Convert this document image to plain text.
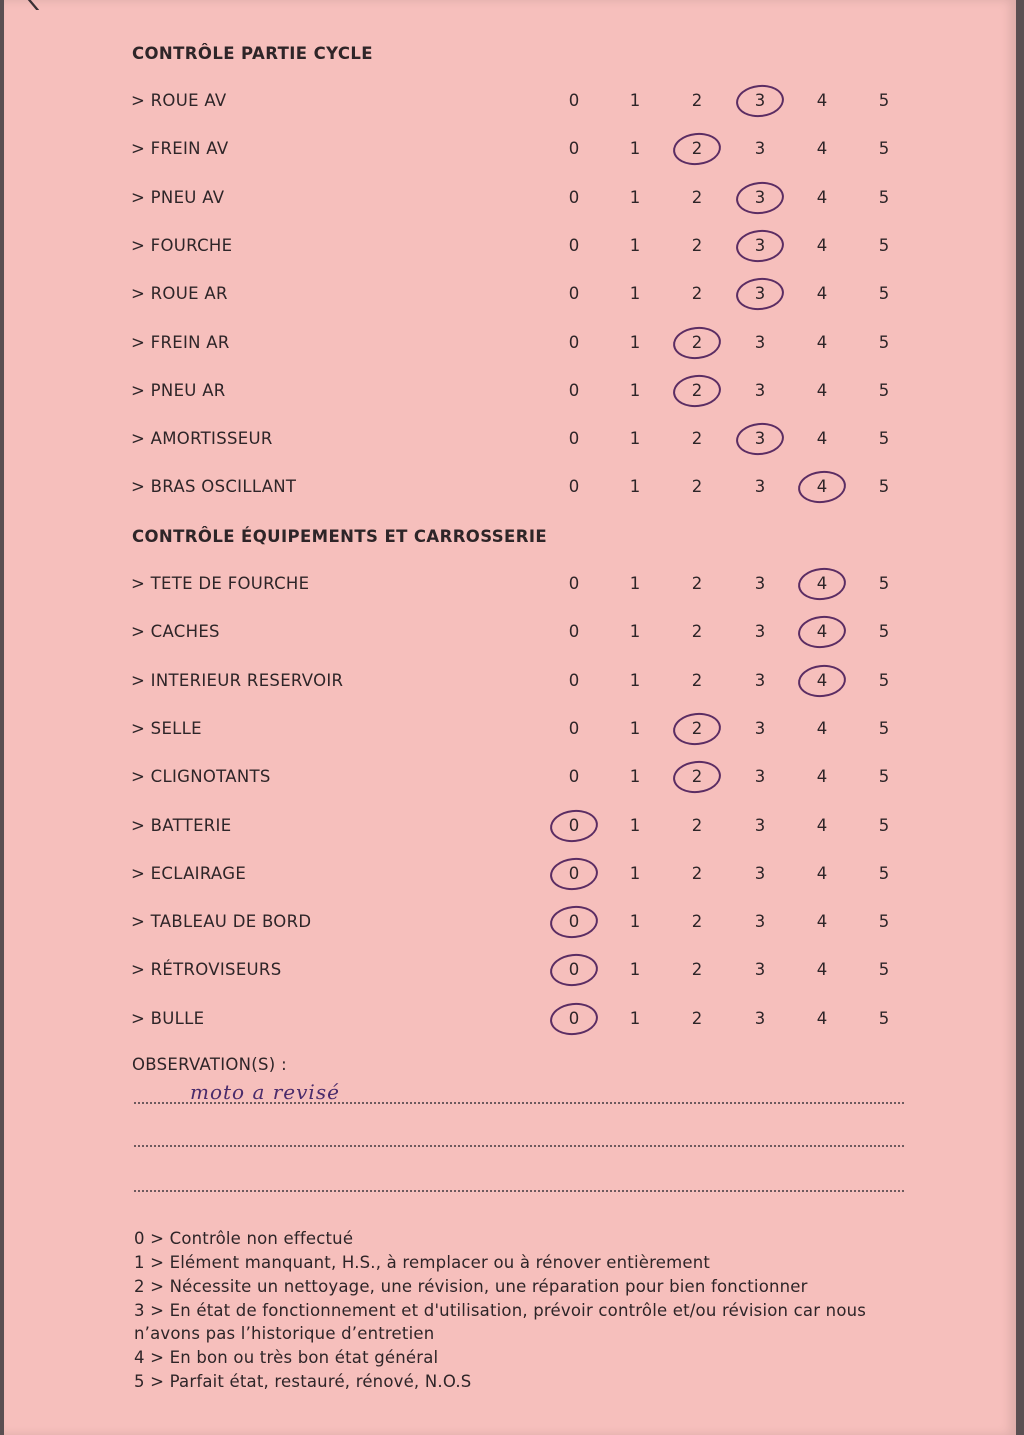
CONTRÔLE PARTIE CYCLE
> ROUE AV	0	1	2	3	4	5
> FREIN AV	0	1	2	3	4	5
> PNEU AV	0	1	2	3	4	5
> FOURCHE	0	1	2	3	4	5
> ROUE AR	0	1	2	3	4	5
> FREIN AR	0	1	2	3	4	5
> PNEU AR	0	1	2	3	4	5
> AMORTISSEUR	0	1	2	3	4	5
> BRAS OSCILLANT	0	1	2	3	4	5
CONTRÔLE ÉQUIPEMENTS ET CARROSSERIE
> TETE DE FOURCHE	0	1	2	3	4	5
> CACHES	0	1	2	3	4	5
> INTERIEUR RESERVOIR	0	1	2	3	4	5
> SELLE	0	1	2	3	4	5
> CLIGNOTANTS	0	1	2	3	4	5
> BATTERIE	0	1	2	3	4	5
> ECLAIRAGE	0	1	2	3	4	5
> TABLEAU DE BORD	0	1	2	3	4	5
> RÉTROVISEURS	0	1	2	3	4	5
> BULLE	0	1	2	3	4	5
OBSERVATION(S) :
moto a revisé
0 > Contrôle non effectué
1 > Elément manquant, H.S., à remplacer ou à rénover entièrement
2 > Nécessite un nettoyage, une révision, une réparation pour bien fonctionner
3 > En état de fonctionnement et d'utilisation, prévoir contrôle et/ou révision car nous
n’avons pas l’historique d’entretien
4 > En bon ou très bon état général
5 > Parfait état, restauré, rénové, N.O.S
